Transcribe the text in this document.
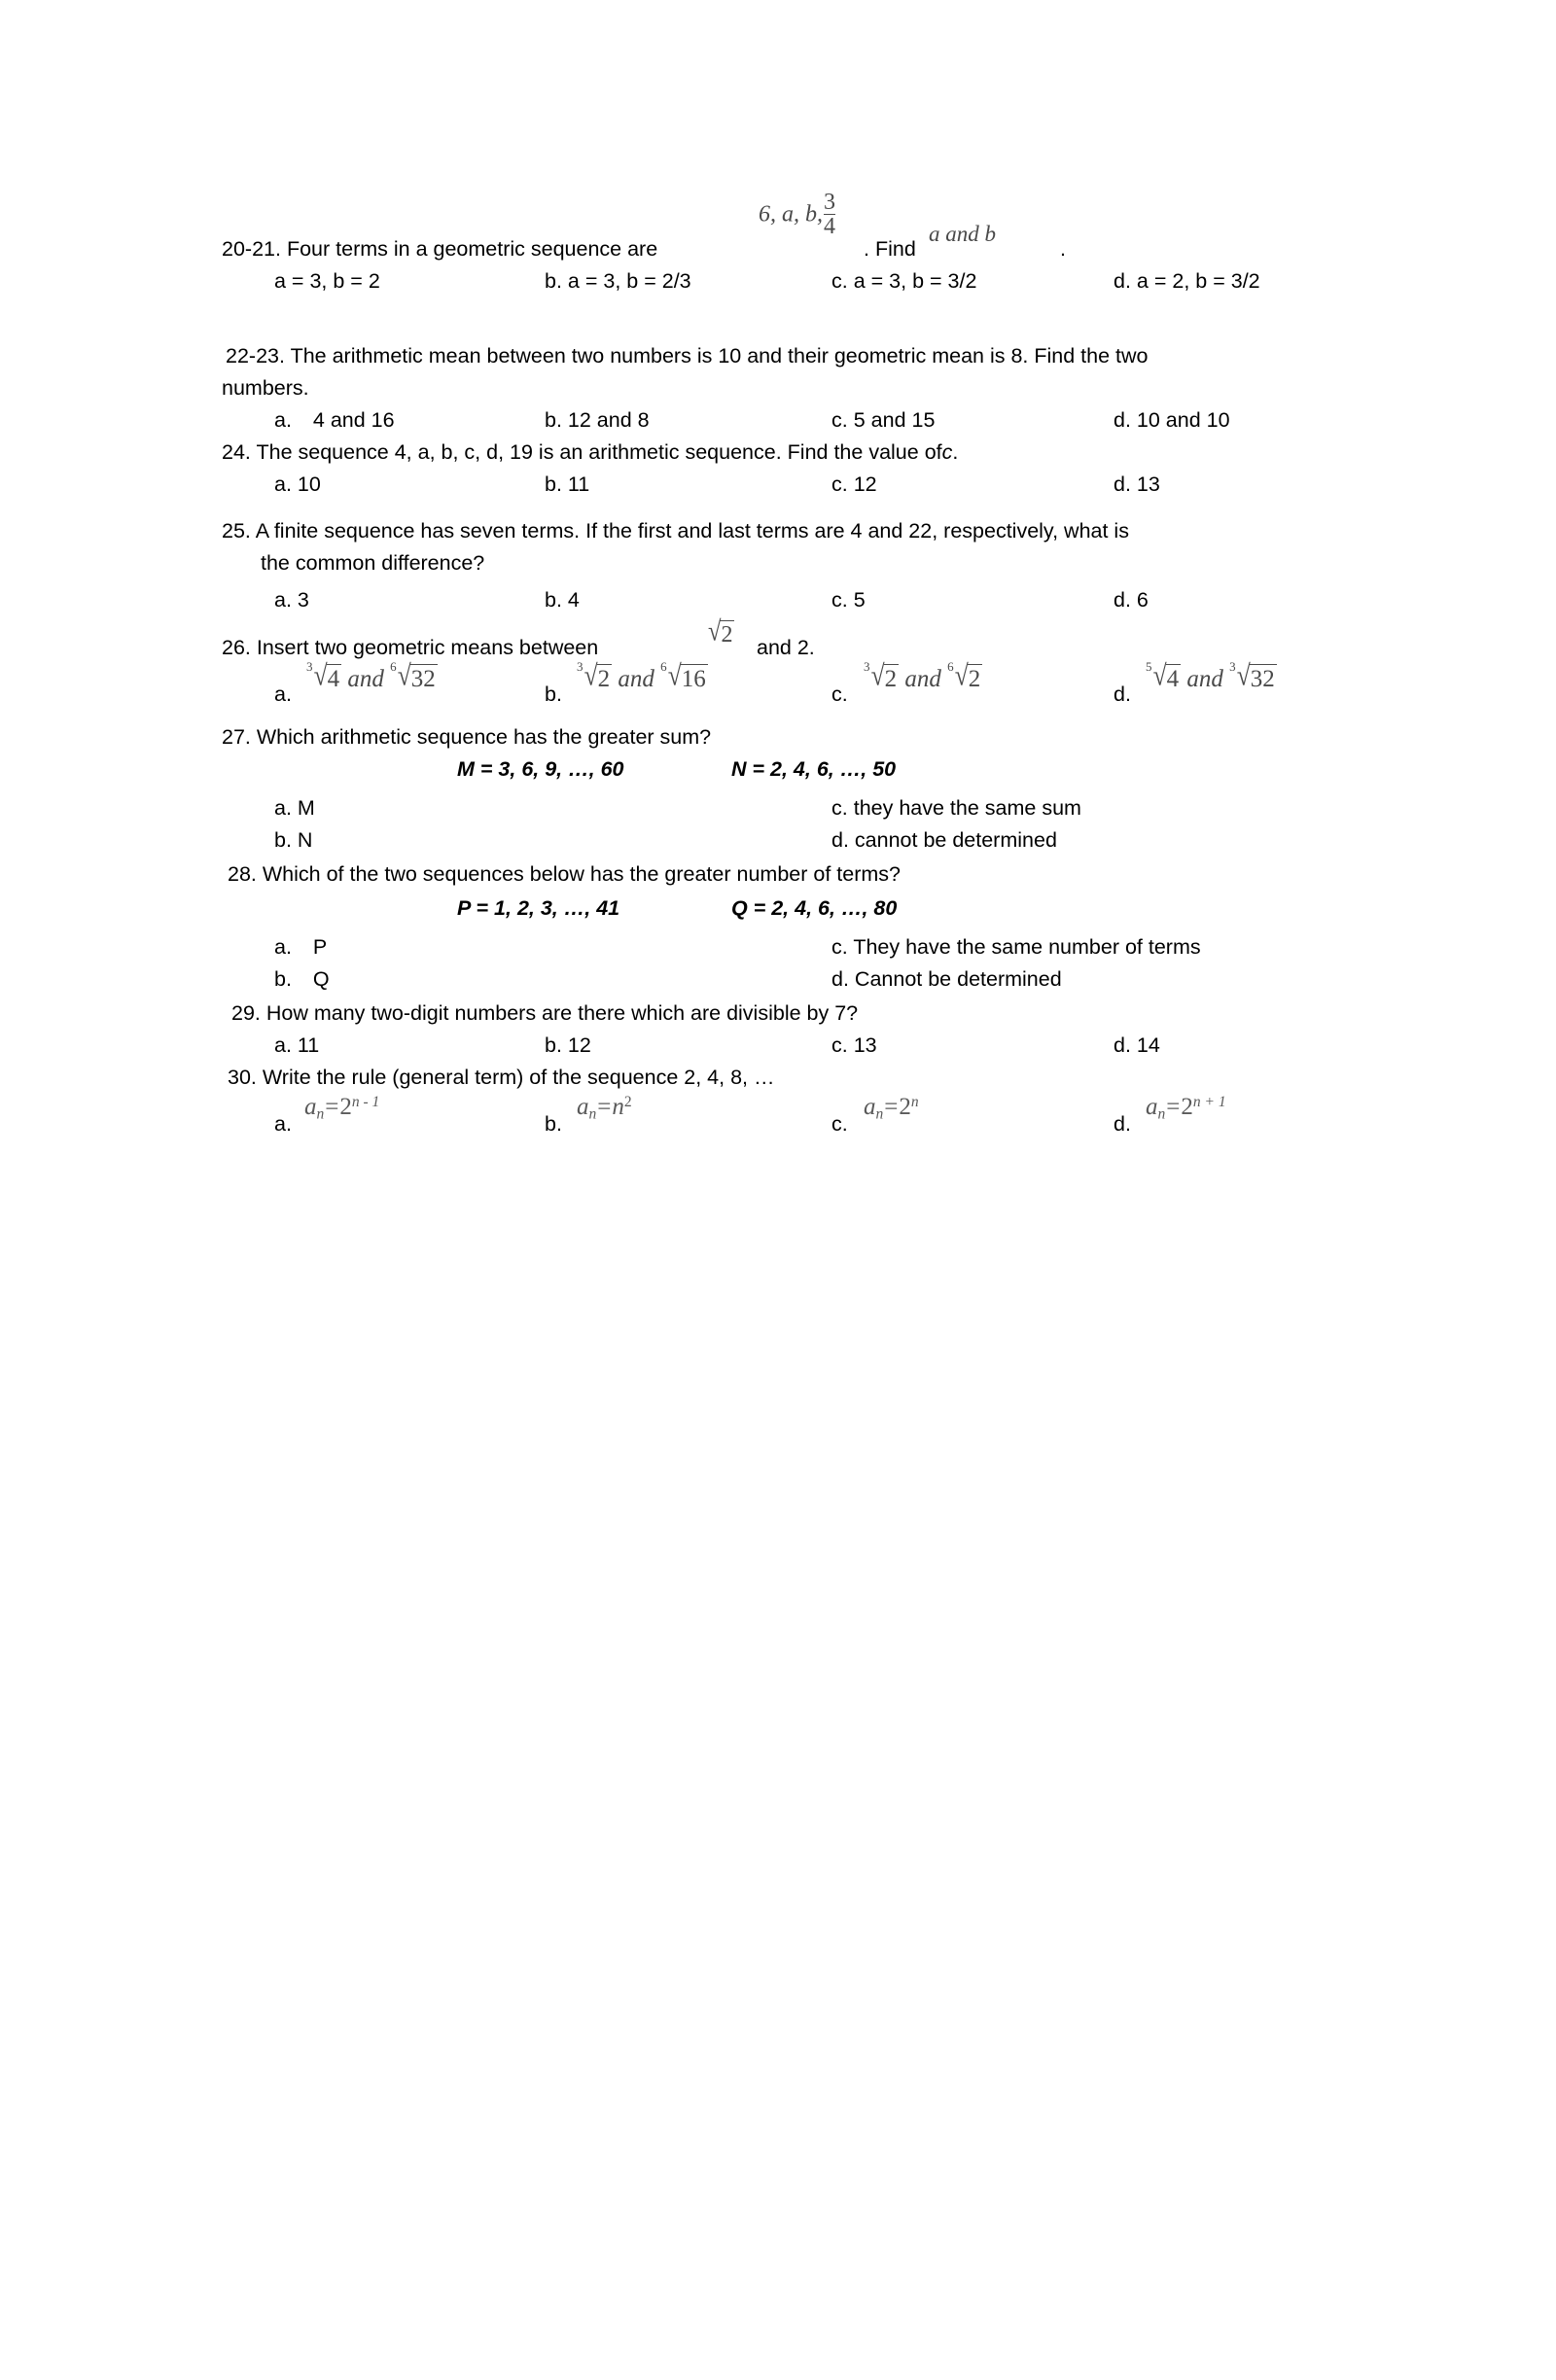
20-21. Four terms in a geometric sequence are
6, a, b, $\frac{3}{4}$
. Find
a and b
.
a = 3, b = 2	b. a = 3, b = 2/3	c. a = 3, b = 3/2	d. a = 2, b = 3/2
22-23. The arithmetic mean between two numbers is 10 and their geometric mean is 8. Find the two
numbers.
a. 4 and 16	b. 12 and 8	c. 5 and 15	d. 10 and 10
24. The sequence 4, a, b, c, d, 19 is an arithmetic sequence. Find the value ofc.
a. 10	b. 11	c. 12	d. 13
25. A finite sequence has seven terms. If the first and last terms are 4 and 22, respectively, what is
the common difference?
a. 3	b. 4	c. 5	d. 6
26. Insert two geometric means between
√2 and 2.
a.
3 √4 and 6 √32
b.
3 √2 and 6 √16
c.
3 √2 and 6 √2
d.
5 √4 and 3 √32
27. Which arithmetic sequence has the greater sum?
M = 3, 6, 9, …, 60	N = 2, 4, 6, …, 50
a. M
b. N
c. they have the same sum
d. cannot be determined
28. Which of the two sequences below has the greater number of terms?
P = 1, 2, 3, …, 41	Q = 2, 4, 6, …, 80
a. P
b. Q
c. They have the same number of terms
d. Cannot be determined
29. How many two-digit numbers are there which are divisible by 7?
a. 11	b. 12	c. 13	d. 14
30. Write the rule (general term) of the sequence 2, 4, 8, …
a.
$a_n=2^{n - 1}$
b.
$a_n=n^2$
c.
$a_n=2^n$
d.
$a_n=2^{n + 1}$
